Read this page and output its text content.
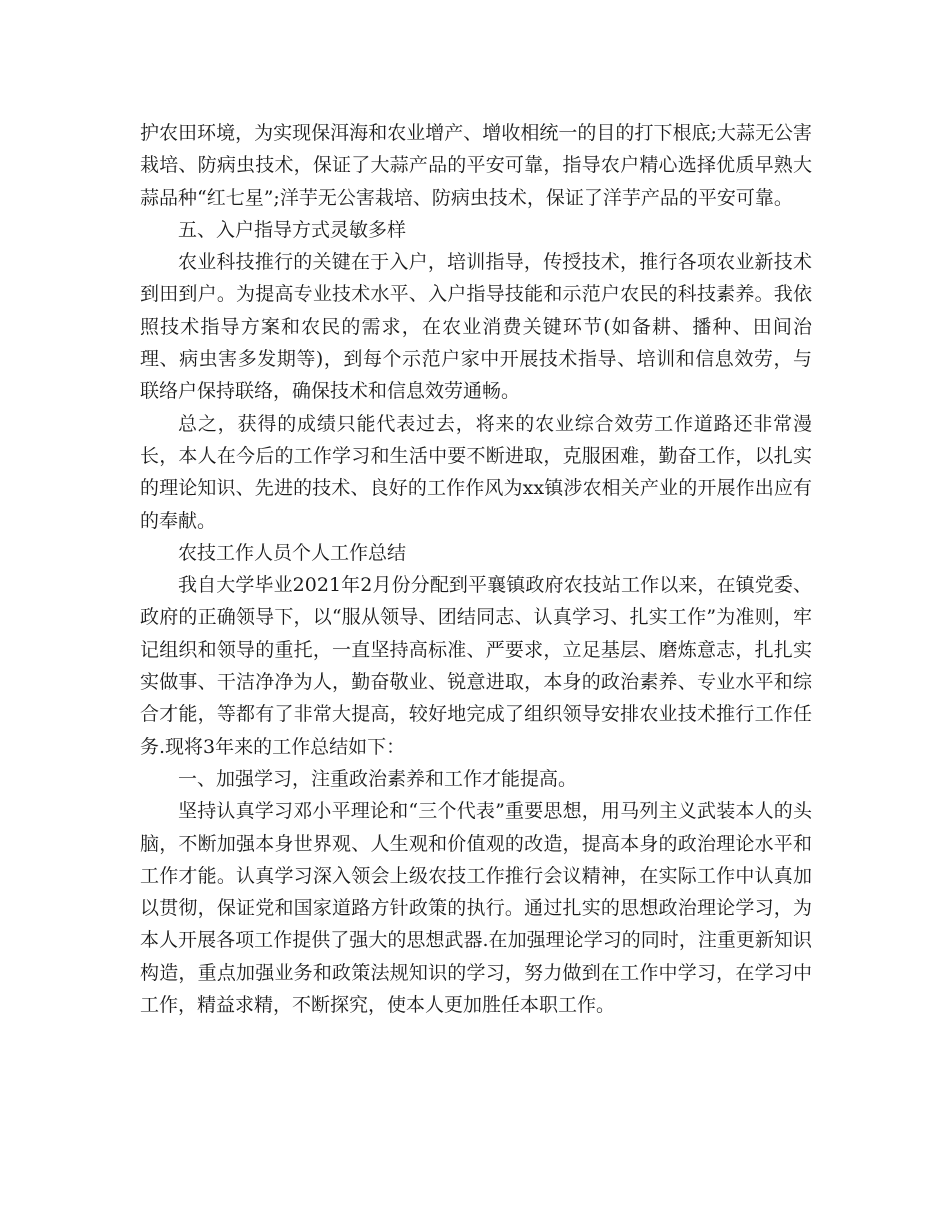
护农田环境，为实现保洱海和农业增产、增收相统一的目的打下根底;大蒜无公害栽培、防病虫技术，保证了大蒜产品的平安可靠，指导农户精心选择优质早熟大蒜品种“红七星”;洋芋无公害栽培、防病虫技术，保证了洋芋产品的平安可靠。

五、入户指导方式灵敏多样

农业科技推行的关键在于入户，培训指导，传授技术，推行各项农业新技术到田到户。为提高专业技术水平、入户指导技能和示范户农民的科技素养。我依照技术指导方案和农民的需求，在农业消费关键环节(如备耕、播种、田间治理、病虫害多发期等)，到每个示范户家中开展技术指导、培训和信息效劳，与联络户保持联络，确保技术和信息效劳通畅。

总之，获得的成绩只能代表过去，将来的农业综合效劳工作道路还非常漫长，本人在今后的工作学习和生活中要不断进取，克服困难，勤奋工作，以扎实的理论知识、先进的技术、良好的工作作风为xx镇涉农相关产业的开展作出应有的奉献。

农技工作人员个人工作总结

我自大学毕业2021年2月份分配到平襄镇政府农技站工作以来，在镇党委、政府的正确领导下，以“服从领导、团结同志、认真学习、扎实工作”为准则，牢记组织和领导的重托，一直坚持高标准、严要求，立足基层、磨炼意志，扎扎实实做事、干洁净净为人，勤奋敬业、锐意进取，本身的政治素养、专业水平和综合才能，等都有了非常大提高，较好地完成了组织领导安排农业技术推行工作任务.现将3年来的工作总结如下：

一、加强学习，注重政治素养和工作才能提高。

坚持认真学习邓小平理论和“三个代表”重要思想，用马列主义武装本人的头脑，不断加强本身世界观、人生观和价值观的改造，提高本身的政治理论水平和工作才能。认真学习深入领会上级农技工作推行会议精神，在实际工作中认真加以贯彻，保证党和国家道路方针政策的执行。通过扎实的思想政治理论学习，为本人开展各项工作提供了强大的思想武器.在加强理论学习的同时，注重更新知识构造，重点加强业务和政策法规知识的学习，努力做到在工作中学习，在学习中工作，精益求精，不断探究，使本人更加胜任本职工作。
